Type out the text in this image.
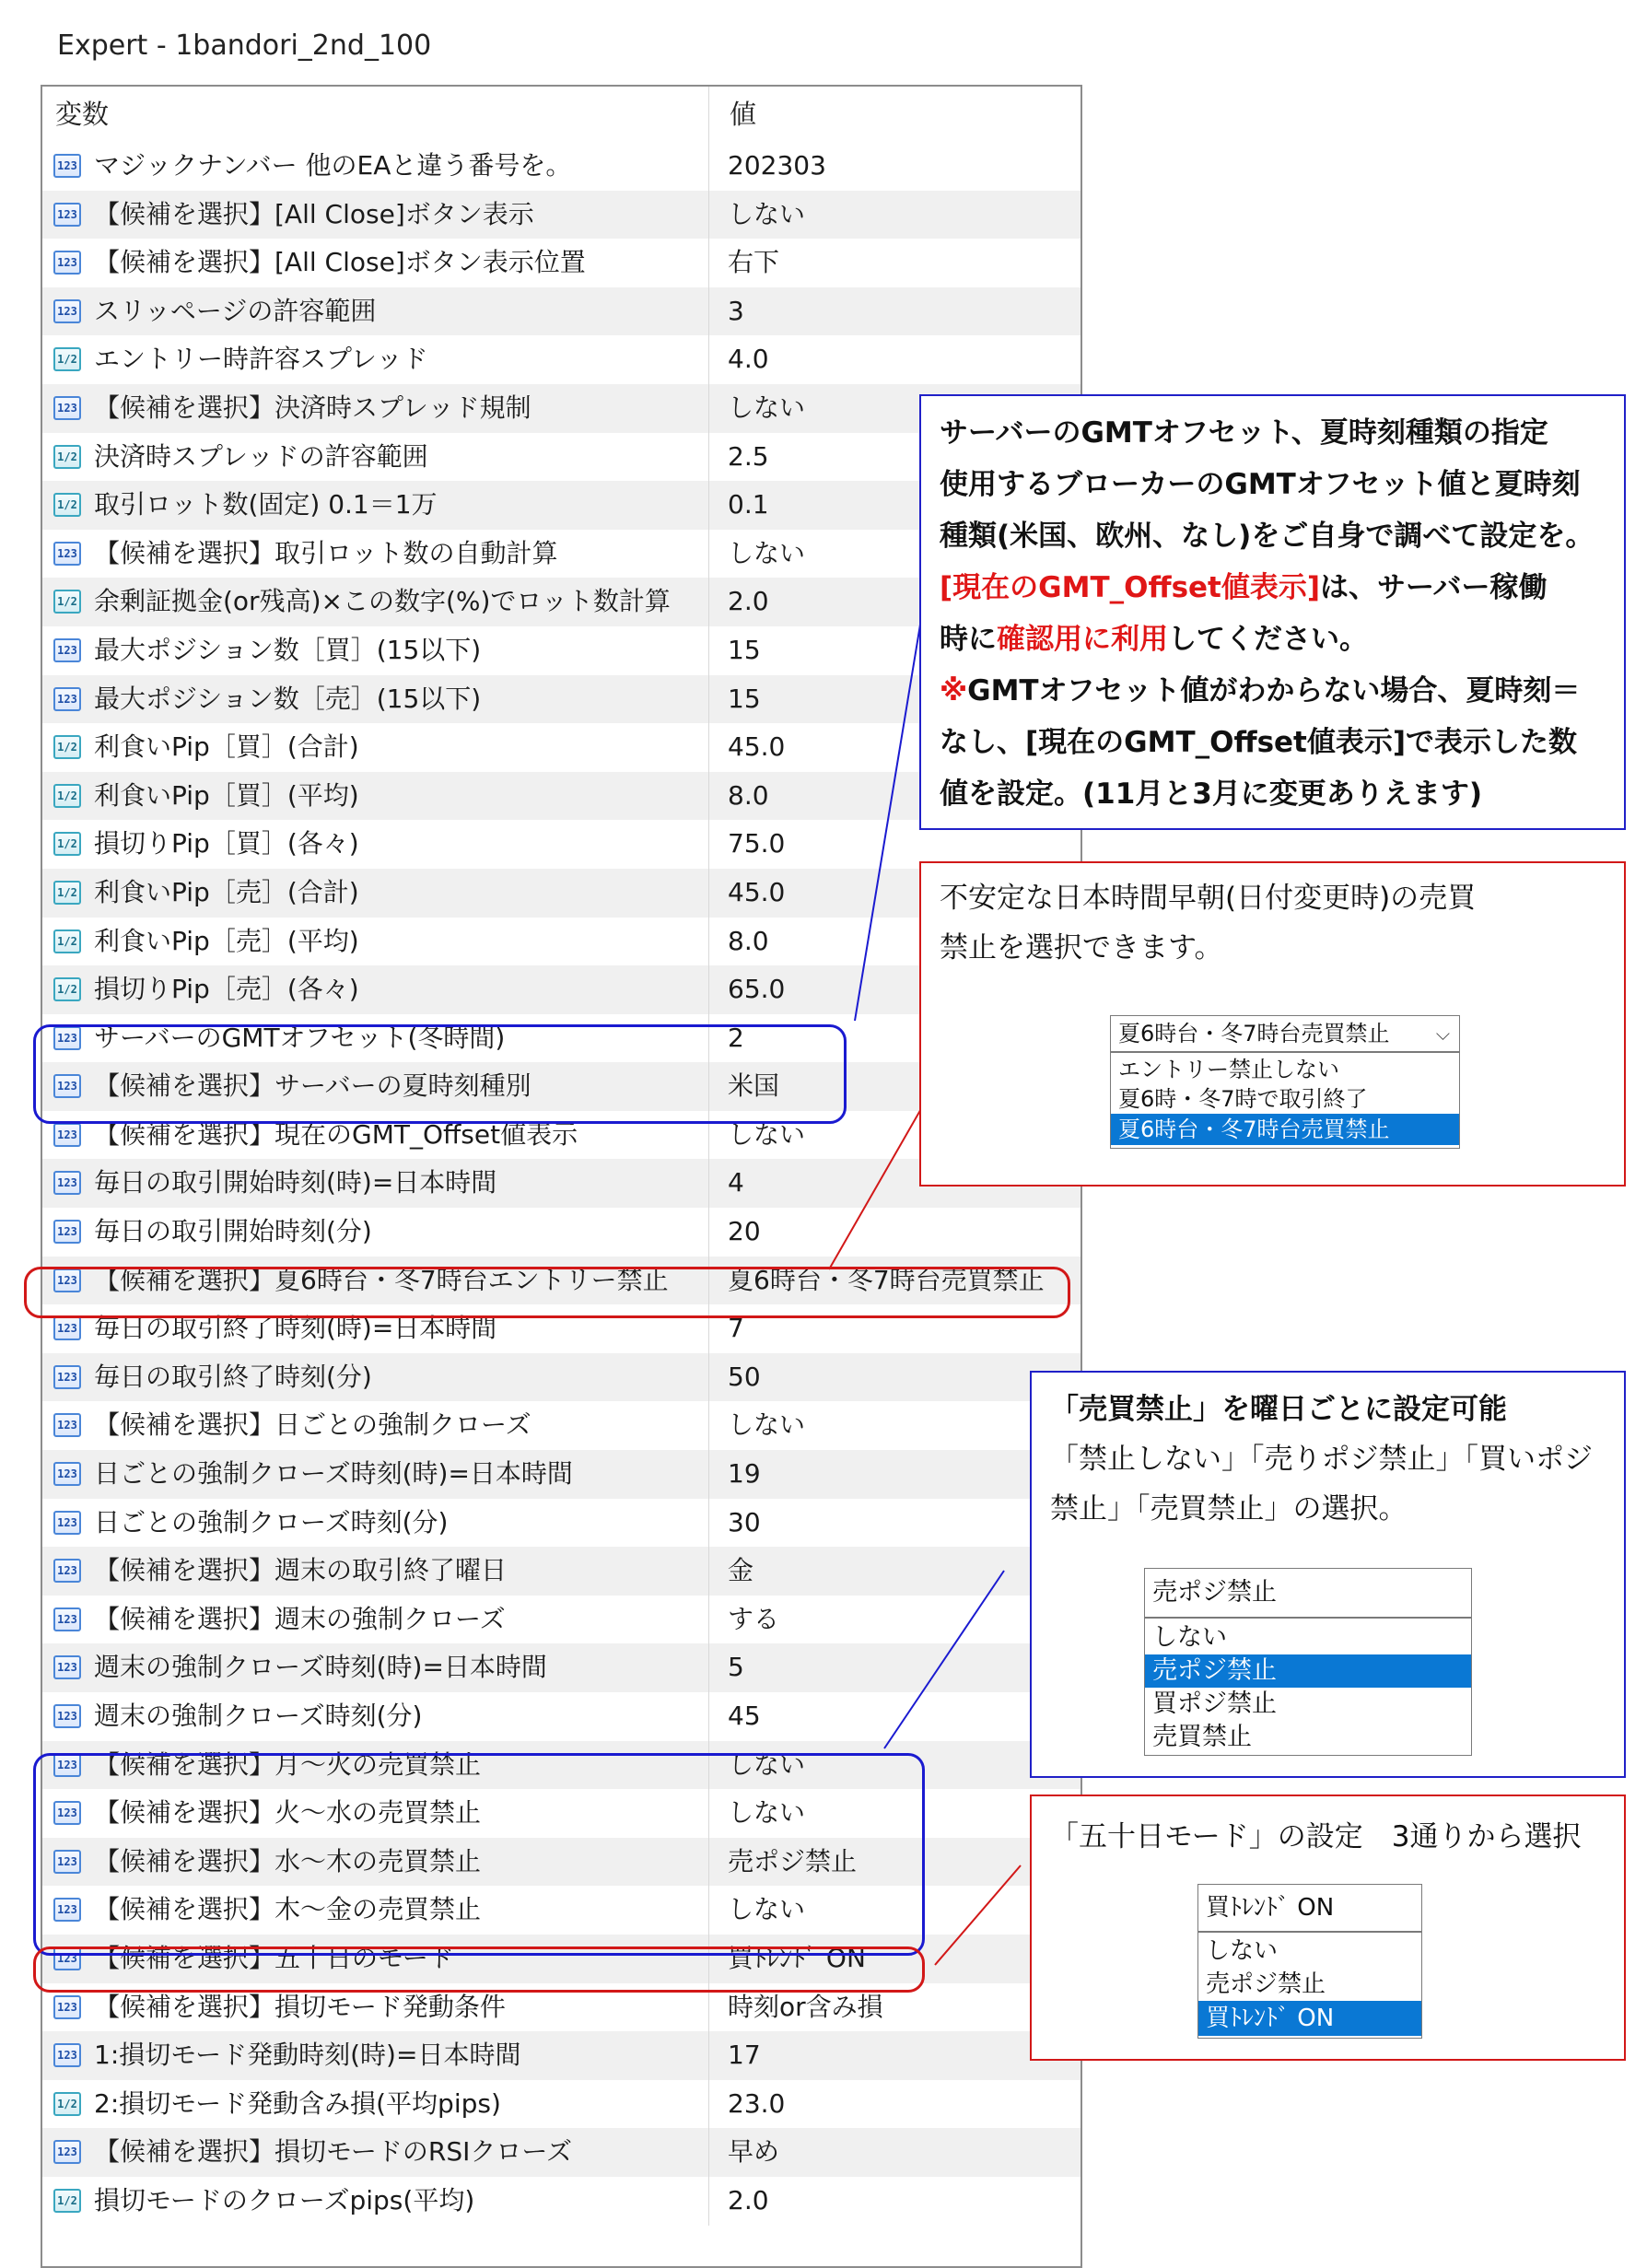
Expert - 1bandori_2nd_100
変数	値
123 マジックナンバー 他のEAと違う番号を。	202303
123 【候補を選択】[All Close]ボタン表示	しない
123 【候補を選択】[All Close]ボタン表示位置	右下
123 スリッページの許容範囲	3
1/2 エントリー時許容スプレッド	4.0
123 【候補を選択】決済時スプレッド規制	しない
1/2 決済時スプレッドの許容範囲	2.5
1/2 取引ロット数(固定) 0.1＝1万	0.1
123 【候補を選択】取引ロット数の自動計算	しない
1/2 余剰証拠金(or残高)×この数字(%)でロット数計算	2.0
123 最大ポジション数［買］(15以下)	15
123 最大ポジション数［売］(15以下)	15
1/2 利食いPip［買］(合計)	45.0
1/2 利食いPip［買］(平均)	8.0
1/2 損切りPip［買］(各々)	75.0
1/2 利食いPip［売］(合計)	45.0
1/2 利食いPip［売］(平均)	8.0
1/2 損切りPip［売］(各々)	65.0
123 サーバーのGMTオフセット(冬時間)	2
123 【候補を選択】サーバーの夏時刻種別	米国
123 【候補を選択】現在のGMT_Offset値表示	しない
123 毎日の取引開始時刻(時)=日本時間	4
123 毎日の取引開始時刻(分)	20
123 【候補を選択】夏6時台・冬7時台エントリー禁止	夏6時台・冬7時台売買禁止
123 毎日の取引終了時刻(時)=日本時間	7
123 毎日の取引終了時刻(分)	50
123 【候補を選択】日ごとの強制クローズ	しない
123 日ごとの強制クローズ時刻(時)=日本時間	19
123 日ごとの強制クローズ時刻(分)	30
123 【候補を選択】週末の取引終了曜日	金
123 【候補を選択】週末の強制クローズ	する
123 週末の強制クローズ時刻(時)=日本時間	5
123 週末の強制クローズ時刻(分)	45
123 【候補を選択】月～火の売買禁止	しない
123 【候補を選択】火～水の売買禁止	しない
123 【候補を選択】水～木の売買禁止	売ポジ禁止
123 【候補を選択】木～金の売買禁止	しない
123 【候補を選択】五十日のモード	買ﾄﾚﾝﾄﾞ ON
123 【候補を選択】損切モード発動条件	時刻or含み損
123 1:損切モード発動時刻(時)=日本時間	17
1/2 2:損切モード発動含み損(平均pips)	23.0
123 【候補を選択】損切モードのRSIクローズ	早め
1/2 損切モードのクローズpips(平均)	2.0
サーバーのGMTオフセット、夏時刻種類の指定
使用するブローカーのGMTオフセット値と夏時刻
種類(米国、欧州、なし)をご自身で調べて設定を。
[現在のGMT_Offset値表示]は、サーバー稼働
時に確認用に利用してください。
※GMTオフセット値がわからない場合、夏時刻＝
なし、[現在のGMT_Offset値表示]で表示した数
値を設定。(11月と3月に変更ありえます)
不安定な日本時間早朝(日付変更時)の売買
禁止を選択できます。
夏6時台・冬7時台売買禁止	⌵
エントリー禁止しない
夏6時・冬7時で取引終了
夏6時台・冬7時台売買禁止
「売買禁止」を曜日ごとに設定可能
「禁止しない」「売りポジ禁止」「買いポジ
禁止」「売買禁止」の選択。
売ポジ禁止
しない
売ポジ禁止
買ポジ禁止
売買禁止
「五十日モード」の設定　3通りから選択
買ﾄﾚﾝﾄﾞ ON
しない
売ポジ禁止
買ﾄﾚﾝﾄﾞ ON
